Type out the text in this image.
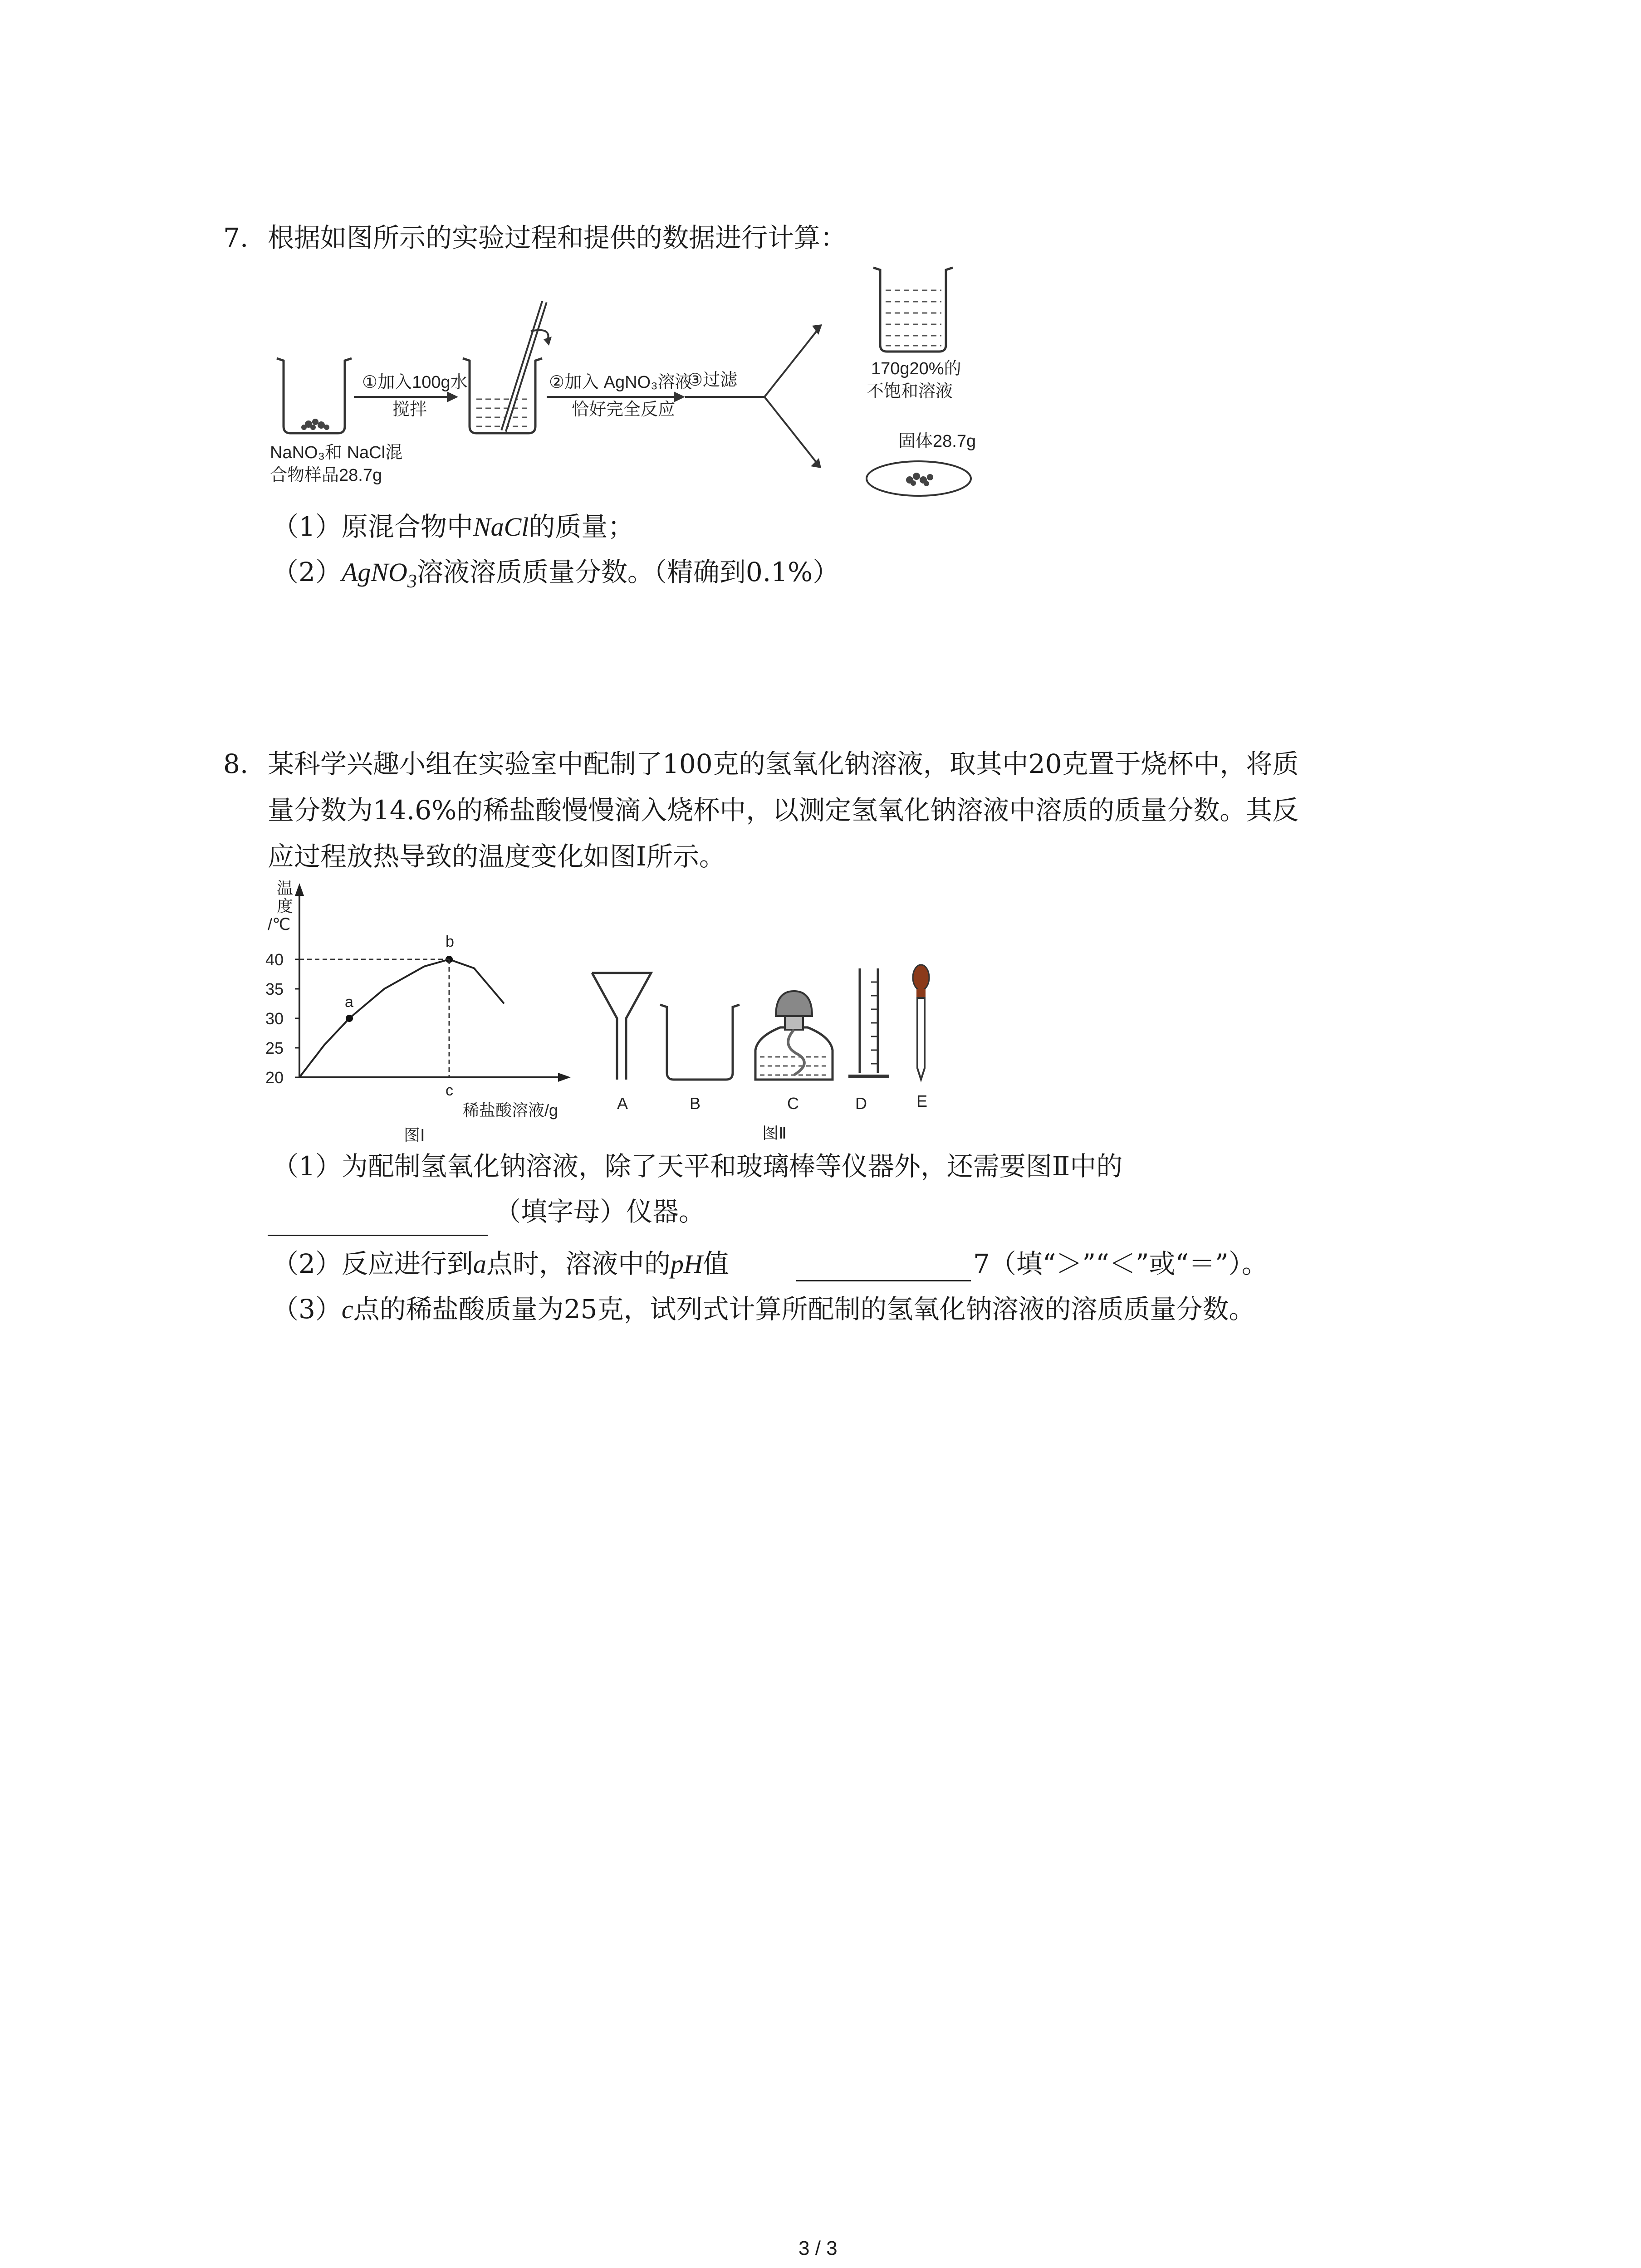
7. 根据如图所示的实验过程和提供的数据进行计算：
NaNO₃和 NaCl混
合物样品28.7g
①加入100g水
搅拌
②加入 AgNO₃溶液
恰好完全反应
③过滤
170g20%的
不饱和溶液
固体28.7g
（1）原混合物中NaCl的质量；
（2）AgNO$_3$溶液溶质质量分数。（精确到0.1%）
8. 某科学兴趣小组在实验室中配制了100克的氢氧化钠溶液，取其中20克置于烧杯中，将质
量分数为14.6%的稀盐酸慢慢滴入烧杯中，以测定氢氧化钠溶液中溶质的质量分数。其反
应过程放热导致的温度变化如图Ⅰ所示。
温
度
/℃
稀盐酸溶液/g
图Ⅰ
20
25
30
35
40
a
b
c
A	B	C	D	E
图Ⅱ
（1）为配制氢氧化钠溶液，除了天平和玻璃棒等仪器外，还需要图Ⅱ中的
（填字母）仪器。
（2）反应进行到a点时，溶液中的pH值	7（填“＞”“＜”或“＝”）。
（3）c点的稀盐酸质量为25克，试列式计算所配制的氢氧化钠溶液的溶质质量分数。
3 / 3
